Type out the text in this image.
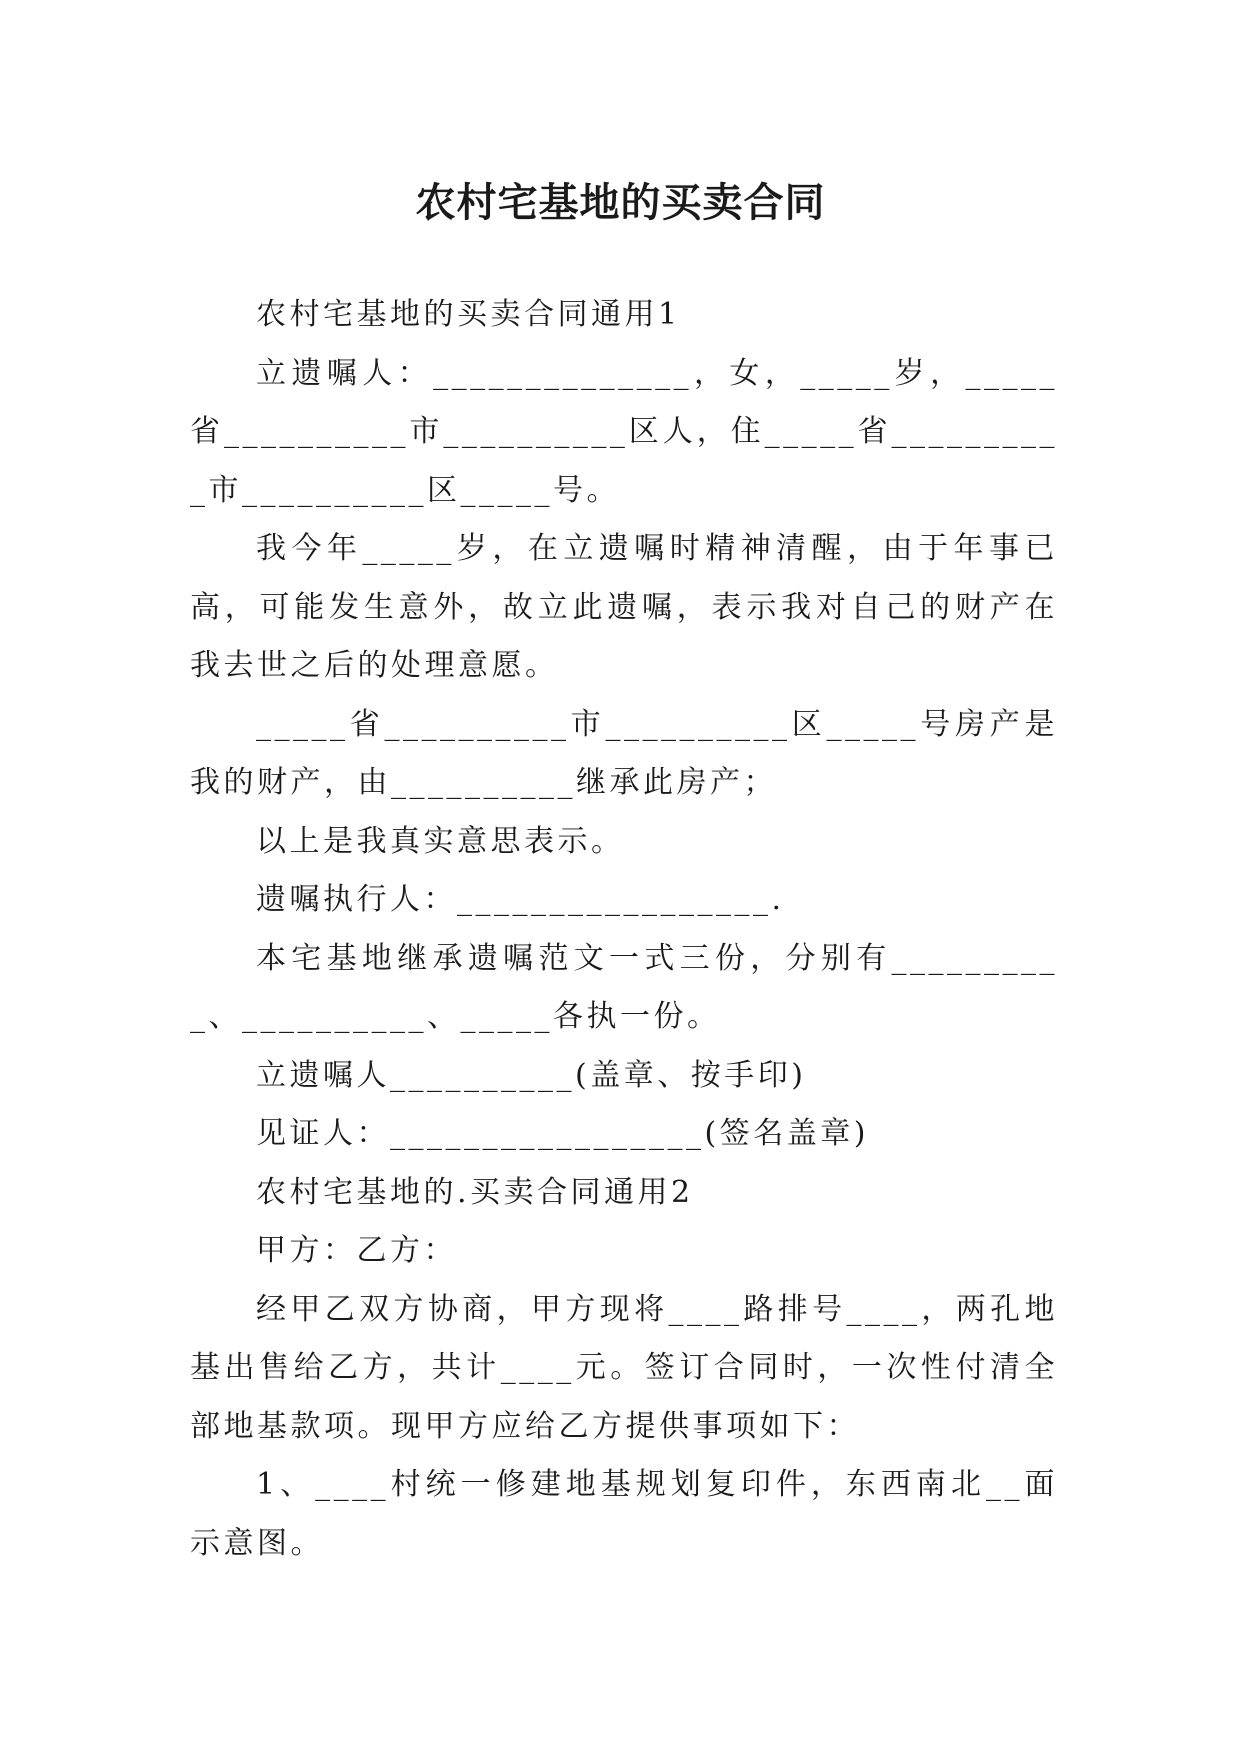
农村宅基地的买卖合同

农村宅基地的买卖合同通用1

立遗嘱人：______________，女，_____岁，_____省__________市__________区人，住_____省__________市__________区_____号。

我今年_____岁，在立遗嘱时精神清醒，由于年事已高，可能发生意外，故立此遗嘱，表示我对自己的财产在我去世之后的处理意愿。

_____省__________市__________区_____号房产是我的财产，由__________继承此房产；

以上是我真实意思表示。

遗嘱执行人：_________________.

本宅基地继承遗嘱范文一式三份，分别有__________、__________、_____各执一份。

立遗嘱人__________(盖章、按手印)

见证人：_________________(签名盖章)

农村宅基地的.买卖合同通用2

甲方：乙方：

经甲乙双方协商，甲方现将____路排号____，两孔地基出售给乙方，共计____元。签订合同时，一次性付清全部地基款项。现甲方应给乙方提供事项如下：

1、____村统一修建地基规划复印件，东西南北__面示意图。
